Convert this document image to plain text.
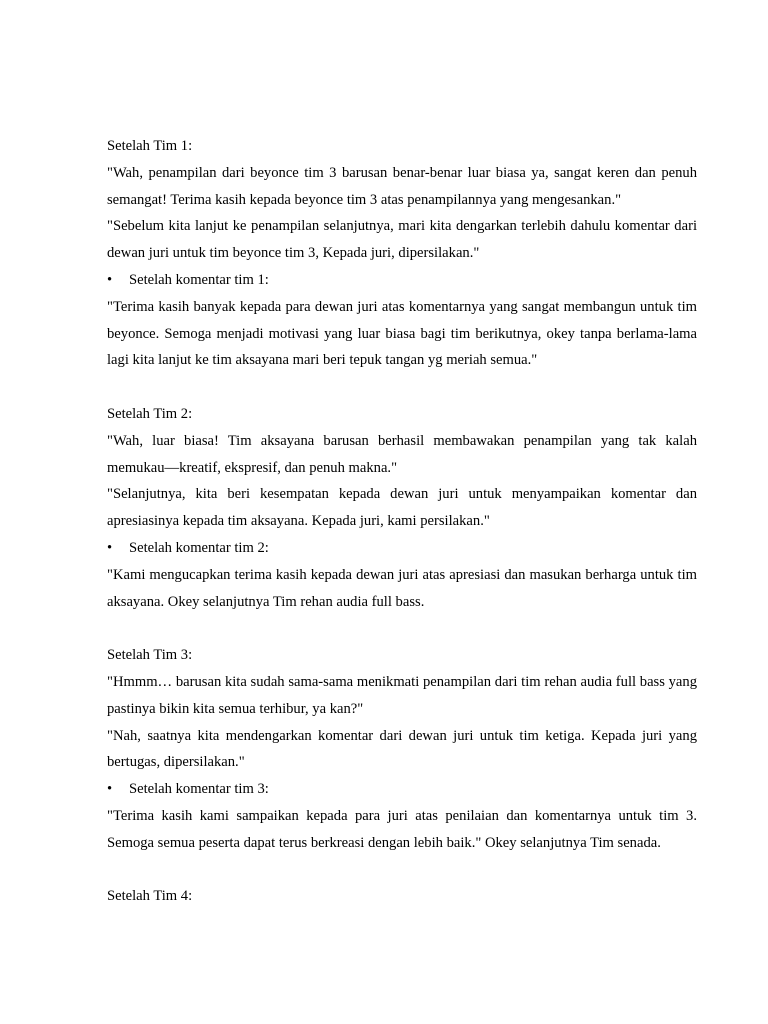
Setelah Tim 1:

"Wah, penampilan dari beyonce tim 3 barusan benar-benar luar biasa ya, sangat keren dan penuh semangat! Terima kasih kepada beyonce tim 3 atas penampilannya yang mengesankan."

"Sebelum kita lanjut ke penampilan selanjutnya, mari kita dengarkan terlebih dahulu komentar dari dewan juri untuk tim beyonce tim 3, Kepada juri, dipersilakan."

• Setelah komentar tim 1:

"Terima kasih banyak kepada para dewan juri atas komentarnya yang sangat membangun untuk tim beyonce. Semoga menjadi motivasi yang luar biasa bagi tim berikutnya, okey tanpa berlama-lama lagi kita lanjut ke tim aksayana mari beri tepuk tangan yg meriah semua."

Setelah Tim 2:

"Wah, luar biasa! Tim aksayana barusan berhasil membawakan penampilan yang tak kalah memukau—kreatif, ekspresif, dan penuh makna."

"Selanjutnya, kita beri kesempatan kepada dewan juri untuk menyampaikan komentar dan apresiasinya kepada tim aksayana. Kepada juri, kami persilakan."

• Setelah komentar tim 2:

"Kami mengucapkan terima kasih kepada dewan juri atas apresiasi dan masukan berharga untuk tim aksayana. Okey selanjutnya Tim rehan audia full bass.

Setelah Tim 3:

"Hmmm… barusan kita sudah sama-sama menikmati penampilan dari tim rehan audia full bass yang pastinya bikin kita semua terhibur, ya kan?"

"Nah, saatnya kita mendengarkan komentar dari dewan juri untuk tim ketiga. Kepada juri yang bertugas, dipersilakan."

• Setelah komentar tim 3:

"Terima kasih kami sampaikan kepada para juri atas penilaian dan komentarnya untuk tim 3. Semoga semua peserta dapat terus berkreasi dengan lebih baik." Okey selanjutnya Tim senada.

Setelah Tim 4:
